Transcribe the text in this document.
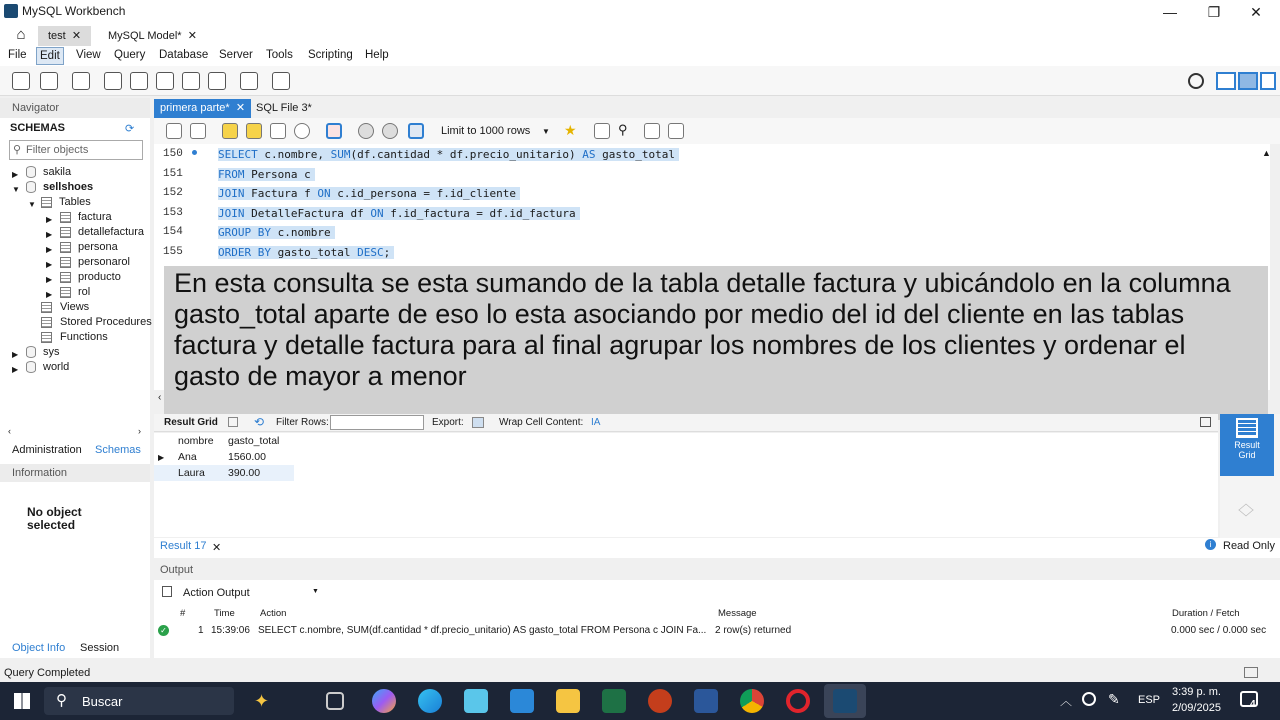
MySQL Workbench	—	❐	✕
⌂	test ✕	MySQL Model* ✕
File	Edit	View Query Database Server Tools Scripting Help
Navigator
SCHEMAS	⟳
⚲ Filter objects
▶ sakila
▼ sellshoes
▼ Tables
▶ factura
▶ detallefactura
▶ persona
▶ personarol
▶ producto
▶ rol
Views
Stored Procedures
Functions
▶ sys
▶ world
‹	›
Administration	Schemas
Information
No object selected
Object Info Session
primera parte* ✕ SQL File 3*
Limit to 1000 rows ▼ ★	⚲
150	SELECT c.nombre, SUM(df.cantidad * df.precio_unitario) AS gasto_total
151	FROM Persona c
152	JOIN Factura f ON c.id_persona = f.id_cliente
153	JOIN DetalleFactura df ON f.id_factura = df.id_factura
154	GROUP BY c.nombre
155	ORDER BY gasto_total DESC;
▲
En esta consulta se esta sumando de la tabla detalle factura y ubicándolo en la columna gasto_total aparte de eso lo esta asociando por medio del id del cliente en las tablas factura y detalle factura para al final agrupar los nombres de los clientes y ordenar el gasto de mayor a menor
‹
Result Grid	⟲ Filter Rows:	Export:	Wrap Cell Content: IA
	nombre	gasto_total
▶	Ana	1560.00
	Laura	390.00
Result
Grid
︿
﹀
Result 17 ✕	i	Read Only
Output
Action Output	▼
#	Time	Action	Message	Duration / Fetch
✓	1 15:39:06 SELECT c.nombre, SUM(df.cantidad * df.precio_unitario) AS gasto_total FROM Persona c JOIN Fa... 2 row(s) returned	0.000 sec / 0.000 sec
Query Completed
⚲ Buscar	✦	︿	✎ ESP
3:39 p. m.
2/09/2025	4
